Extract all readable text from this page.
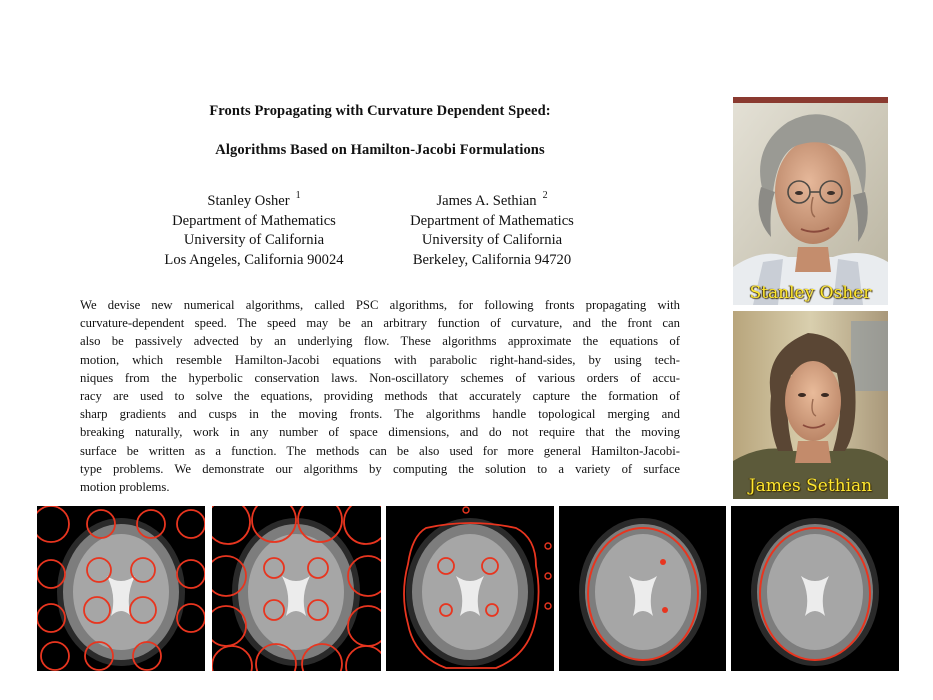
Fronts Propagating with Curvature Dependent Speed:
Algorithms Based on Hamilton-Jacobi Formulations
Stanley Osher $^1$
Department of Mathematics
University of California
Los Angeles, California 90024
James A. Sethian $^2$
Department of Mathematics
University of California
Berkeley, California 94720
We devise new numerical algorithms, called PSC algorithms, for following fronts propagating with
curvature-dependent speed. The speed may be an arbitrary function of curvature, and the front can
also be passively advected by an underlying flow. These algorithms approximate the equations of
motion, which resemble Hamilton-Jacobi equations with parabolic right-hand-sides, by using tech-
niques from the hyperbolic conservation laws. Non-oscillatory schemes of various orders of accu-
racy are used to solve the equations, providing methods that accurately capture the formation of
sharp gradients and cusps in the moving fronts. The algorithms handle topological merging and
breaking naturally, work in any number of space dimensions, and do not require that the moving
surface be written as a function. The methods can be also used for more general Hamilton-Jacobi-
type problems. We demonstrate our algorithms by computing the solution to a variety of surface
motion problems.
Stanley Osher
James Sethian
